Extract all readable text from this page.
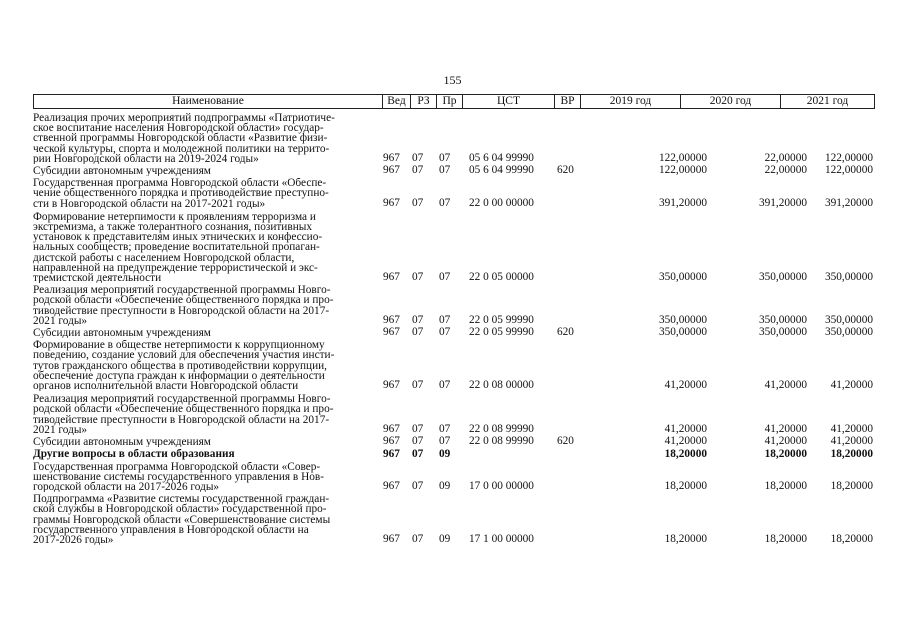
155
Наименование	Вед	РЗ	Пр	ЦСТ	ВР	2019 год	2020 год	2021 год
Реализация прочих мероприятий подпрограммы «Патриотиче-
ское воспитание населения Новгородской области» государ-
ственной программы Новгородской области «Развитие физи-
ческой культуры, спорта и молодежной политики на террито-
рии Новгородской области на 2019-2024 годы»	967 07 07 05 6 04 99990	122,00000	22,00000	122,00000
Субсидии автономным учреждениям	967 07 07 05 6 04 99990 620	122,00000	22,00000	122,00000
Государственная программа Новгородской области «Обеспе-
чение общественного порядка и противодействие преступно-
сти в Новгородской области на 2017-2021 годы»	967 07 07 22 0 00 00000	391,20000	391,20000	391,20000
Формирование нетерпимости к проявлениям терроризма и
экстремизма, а также толерантного сознания, позитивных
установок к представителям иных этнических и конфессио-
нальных сообществ; проведение воспитательной пропаган-
дистской работы с населением Новгородской области,
направленной на предупреждение террористической и экс-
тремистской деятельности	967 07 07 22 0 05 00000	350,00000	350,00000	350,00000
Реализация мероприятий государственной программы Новго-
родской области «Обеспечение общественного порядка и про-
тиводействие преступности в Новгородской области на 2017-
2021 годы»	967 07 07 22 0 05 99990	350,00000	350,00000	350,00000
Субсидии автономным учреждениям	967 07 07 22 0 05 99990 620	350,00000	350,00000	350,00000
Формирование в обществе нетерпимости к коррупционному
поведению, создание условий для обеспечения участия инсти-
тутов гражданского общества в противодействии коррупции,
обеспечение доступа граждан к информации о деятельности
органов исполнительной власти Новгородской области	967 07 07 22 0 08 00000	41,20000	41,20000	41,20000
Реализация мероприятий государственной программы Новго-
родской области «Обеспечение общественного порядка и про-
тиводействие преступности в Новгородской области на 2017-
2021 годы»	967 07 07 22 0 08 99990	41,20000	41,20000	41,20000
Субсидии автономным учреждениям	967 07 07 22 0 08 99990 620	41,20000	41,20000	41,20000
Другие вопросы в области образования	967 07 09	18,20000	18,20000	18,20000
Государственная программа Новгородской области «Совер-
шенствование системы государственного управления в Нов-
городской области на 2017-2026 годы»	967 07 09 17 0 00 00000	18,20000	18,20000	18,20000
Подпрограмма «Развитие системы государственной граждан-
ской службы в Новгородской области» государственной про-
граммы Новгородской области «Совершенствование системы
государственного управления в Новгородской области на
2017-2026 годы»	967 07 09 17 1 00 00000	18,20000	18,20000	18,20000
